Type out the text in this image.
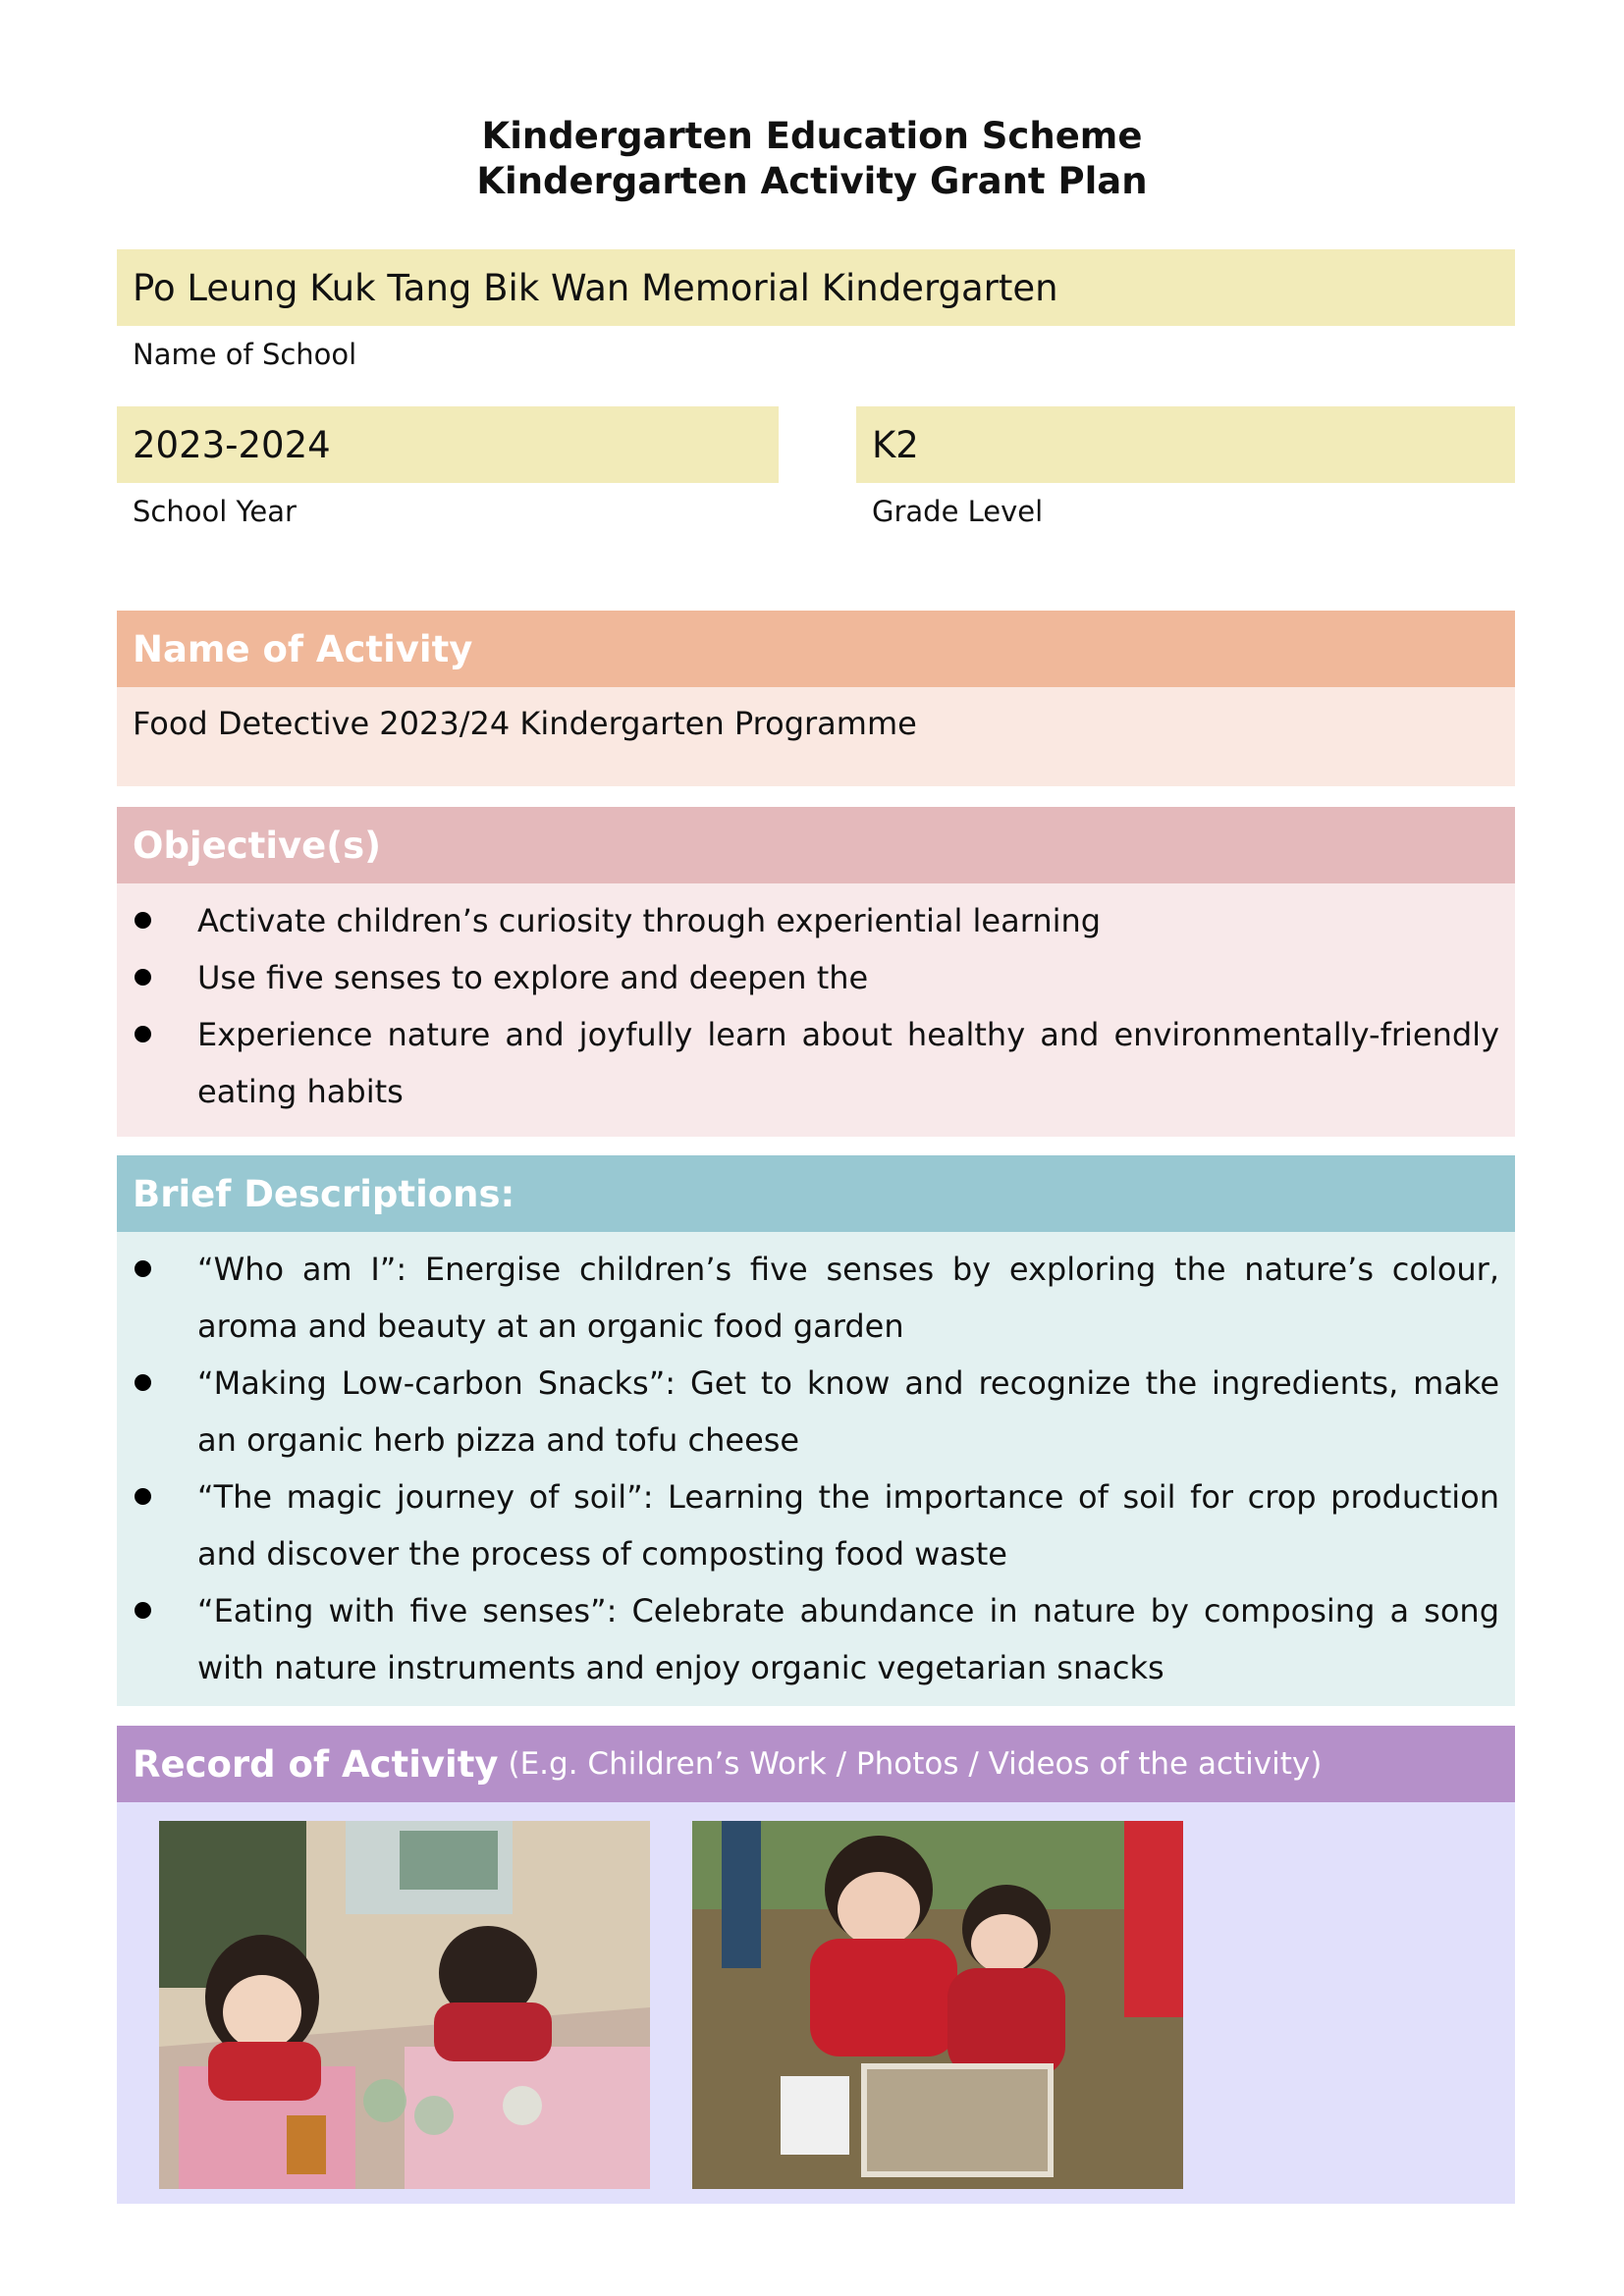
Kindergarten Education Scheme
Kindergarten Activity Grant Plan
Po Leung Kuk Tang Bik Wan Memorial Kindergarten
Name of School
2023-2024
School Year
K2
Grade Level
Name of Activity
Food Detective 2023/24 Kindergarten Programme
Objective(s)
Activate children’s curiosity through experiential learning
Use five senses to explore and deepen the
Experience nature and joyfully learn about healthy and environmentally-friendly eating habits
Brief Descriptions:
“Who am I”: Energise children’s five senses by exploring the nature’s colour, aroma and beauty at an organic food garden
“Making Low-carbon Snacks”: Get to know and recognize the ingredients, make an organic herb pizza and tofu cheese
“The magic journey of soil”: Learning the importance of soil for crop production and discover the process of composting food waste
“Eating with five senses”: Celebrate abundance in nature by composing a song with nature instruments and enjoy organic vegetarian snacks
Record of Activity (E.g. Children’s Work / Photos / Videos of the activity)
